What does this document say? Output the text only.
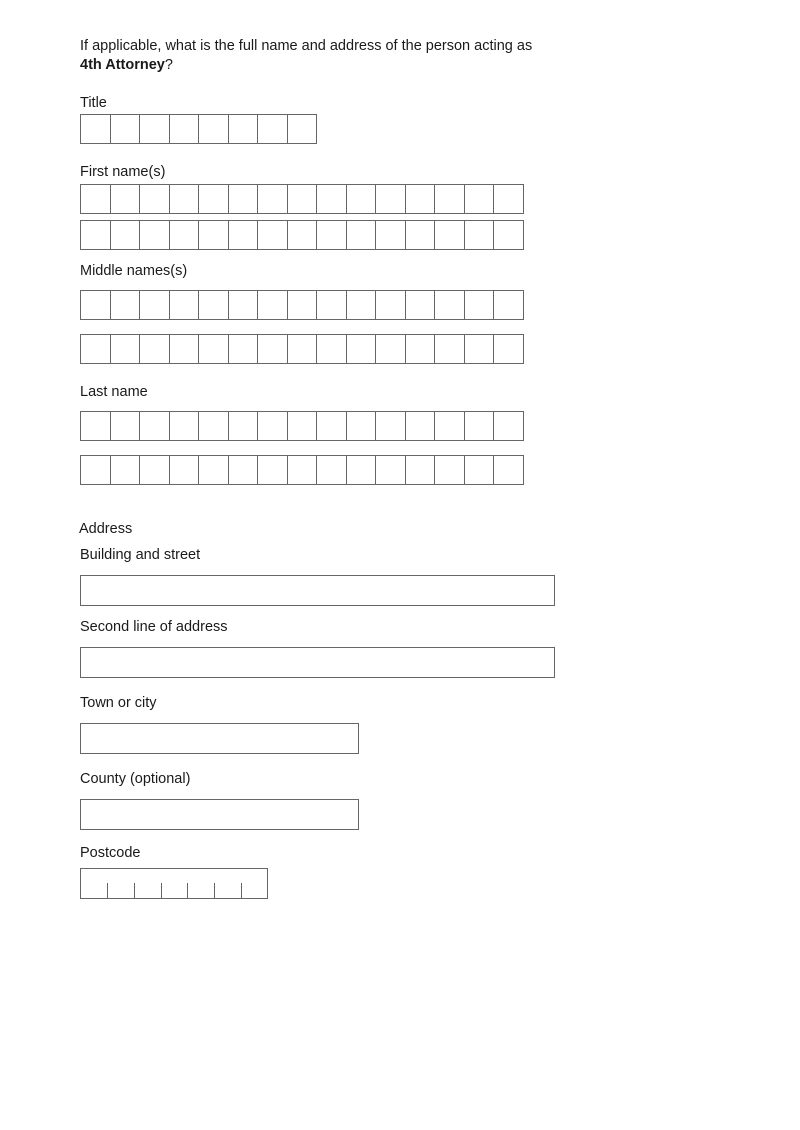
If applicable, what is the full name and address of the person acting as
4th Attorney?
Title
First name(s)
Middle names(s)
Last name
Address
Building and street
Second line of address
Town or city
County (optional)
Postcode
